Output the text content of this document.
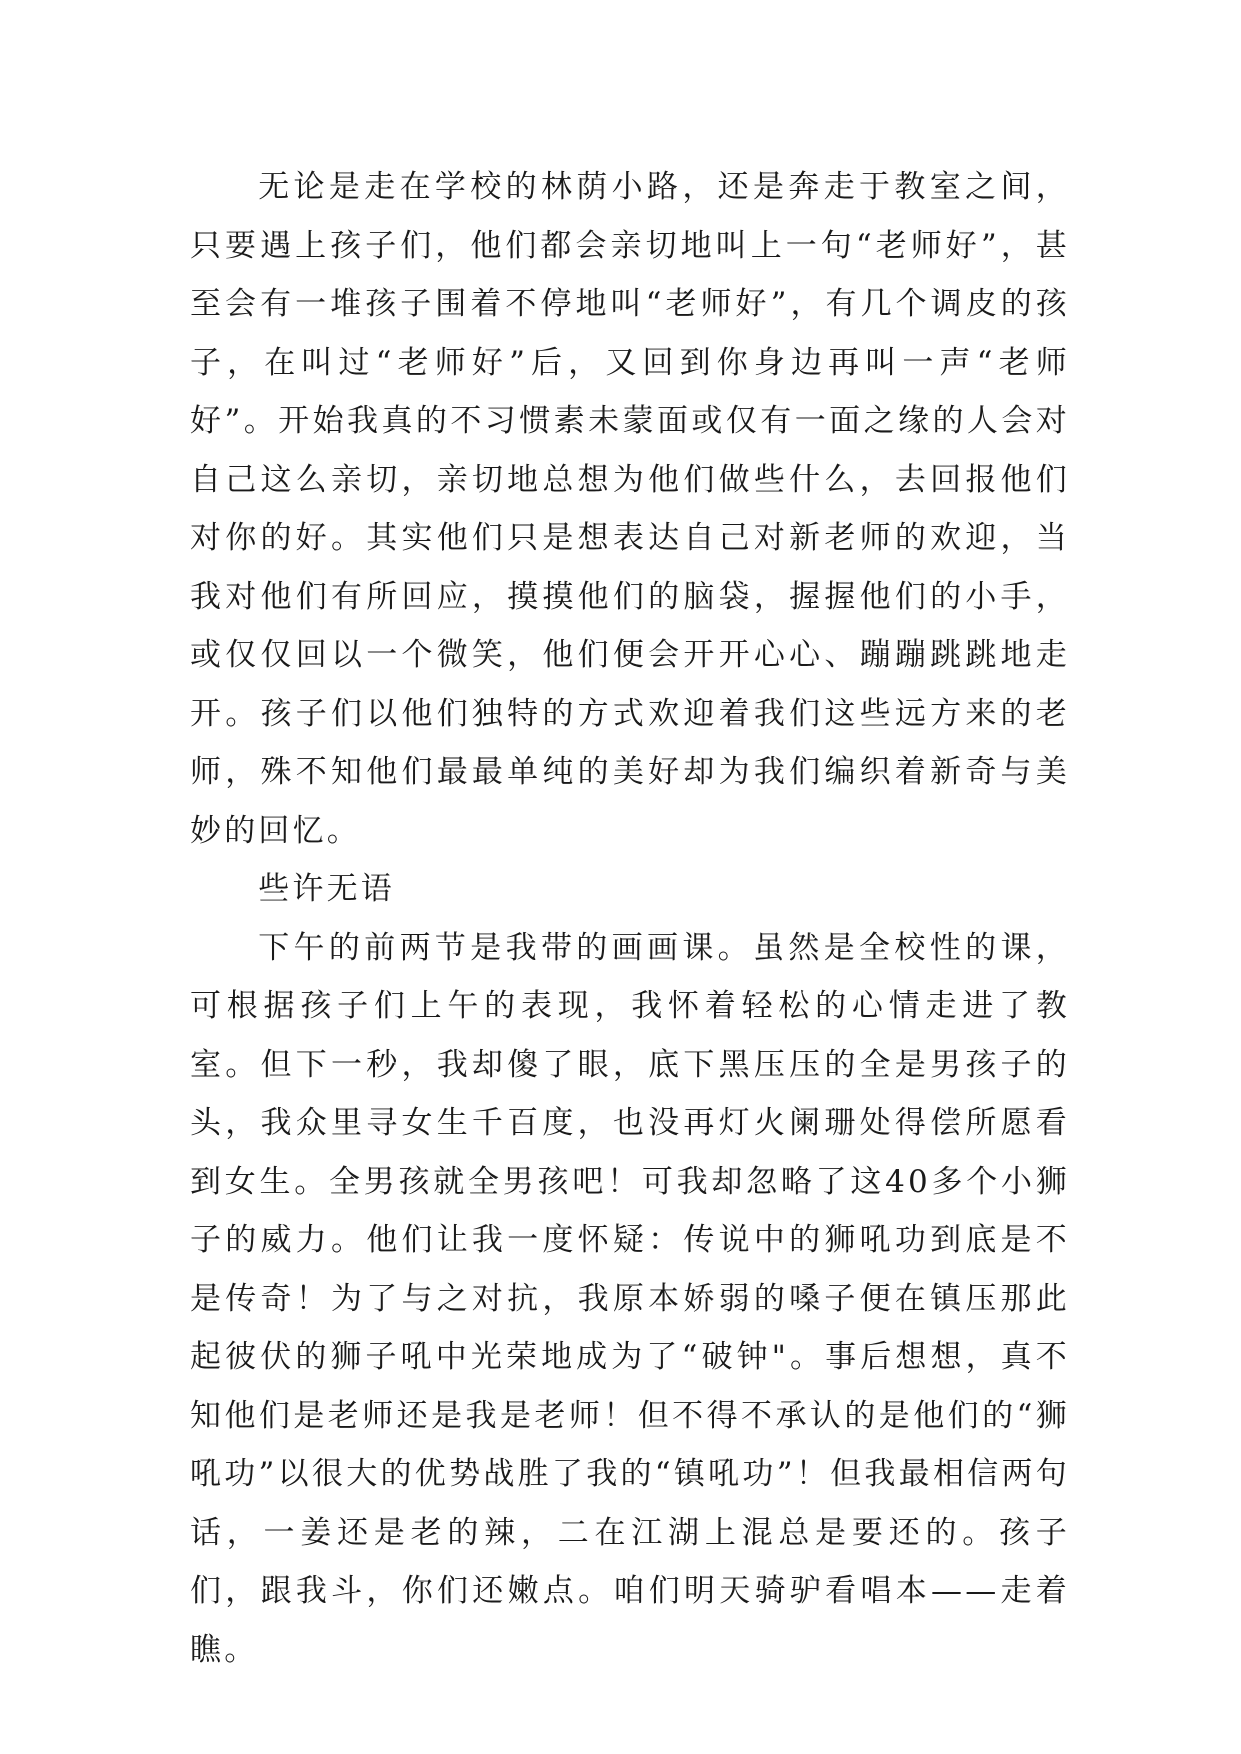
无论是走在学校的林荫小路，还是奔走于教室之间，只要遇上孩子们，他们都会亲切地叫上一句“老师好”，甚至会有一堆孩子围着不停地叫“老师好”，有几个调皮的孩子，在叫过“老师好”后，又回到你身边再叫一声“老师好”。开始我真的不习惯素未蒙面或仅有一面之缘的人会对自己这么亲切，亲切地总想为他们做些什么，去回报他们对你的好。其实他们只是想表达自己对新老师的欢迎，当我对他们有所回应，摸摸他们的脑袋，握握他们的小手，或仅仅回以一个微笑，他们便会开开心心、蹦蹦跳跳地走开。孩子们以他们独特的方式欢迎着我们这些远方来的老师，殊不知他们最最单纯的美好却为我们编织着新奇与美妙的回忆。

些许无语

下午的前两节是我带的画画课。虽然是全校性的课，可根据孩子们上午的表现，我怀着轻松的心情走进了教室。但下一秒，我却傻了眼，底下黑压压的全是男孩子的头，我众里寻女生千百度，也没再灯火阑珊处得偿所愿看到女生。全男孩就全男孩吧！可我却忽略了这40多个小狮子的威力。他们让我一度怀疑：传说中的狮吼功到底是不是传奇！为了与之对抗，我原本娇弱的嗓子便在镇压那此起彼伏的狮子吼中光荣地成为了“破钟"。事后想想，真不知他们是老师还是我是老师！但不得不承认的是他们的“狮吼功”以很大的优势战胜了我的“镇吼功”！但我最相信两句话，一姜还是老的辣，二在江湖上混总是要还的。孩子们，跟我斗，你们还嫩点。咱们明天骑驴看唱本——走着瞧。
